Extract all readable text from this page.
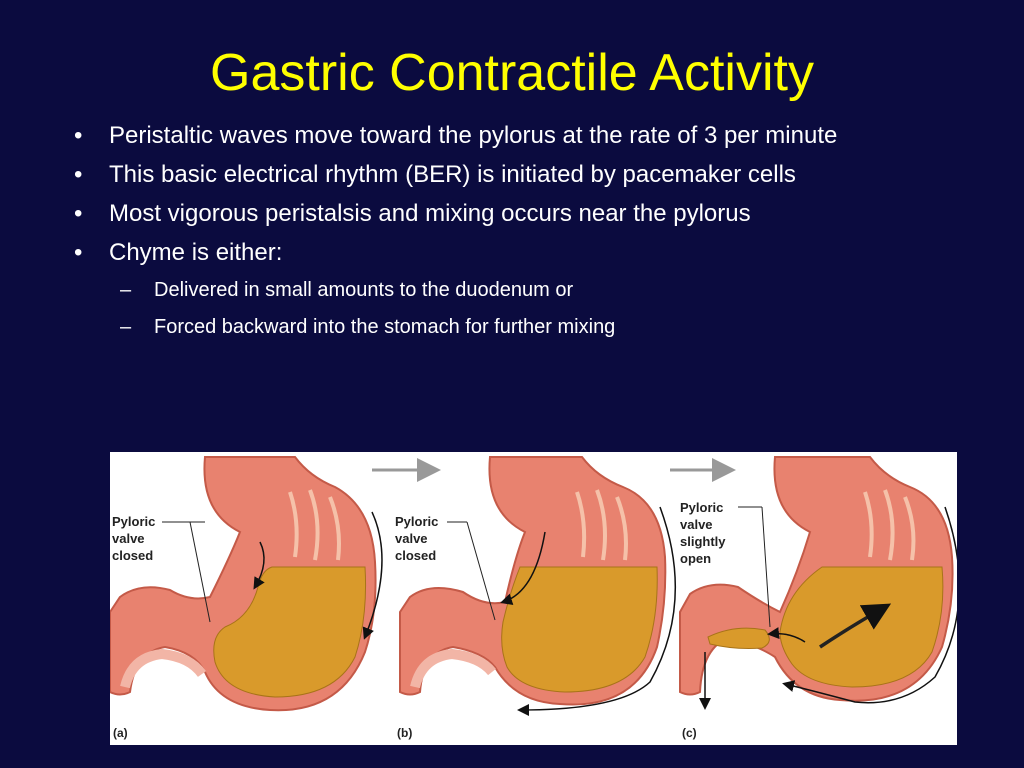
Gastric Contractile Activity
• Peristaltic waves move toward the pylorus at the rate of 3 per minute
• This basic electrical rhythm (BER) is initiated by pacemaker cells
• Most vigorous peristalsis and mixing occurs near the pylorus
• Chyme is either:
– Delivered in small amounts to the duodenum or
– Forced backward into the stomach for further mixing
Pyloric
valve
closed
(a)
Pyloric
valve
closed
(b)
Pyloric
valve
slightly
open
(c)
